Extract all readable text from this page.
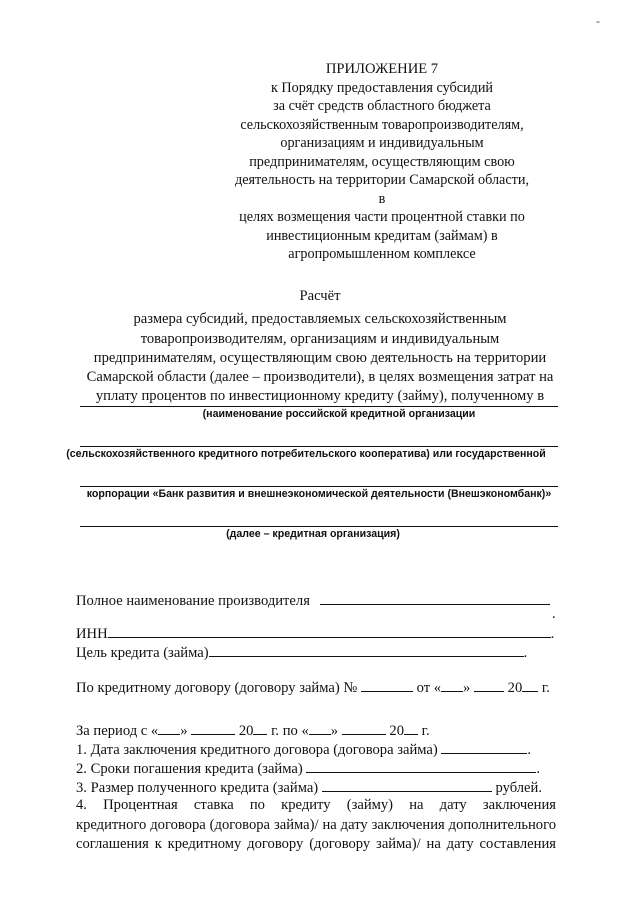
-
ПРИЛОЖЕНИЕ 7
к Порядку предоставления субсидий
за счёт средств областного бюджета
сельскохозяйственным товаропроизводителям,
организациям и индивидуальным
предпринимателям, осуществляющим свою
деятельность на территории Самарской области, в
целях возмещения части процентной ставки по
инвестиционным кредитам (займам) в
агропромышленном комплексе
Расчёт
размера субсидий, предоставляемых сельскохозяйственным
товаропроизводителям, организациям и индивидуальным
предпринимателям, осуществляющим свою деятельность на территории
Самарской области (далее – производители), в целях возмещения затрат на
уплату процентов по инвестиционному кредиту (займу), полученному в
(наименование российской кредитной организации
(сельскохозяйственного кредитного потребительского кооператива) или государственной
корпорации «Банк развития и внешнеэкономической деятельности (Внешэкономбанк)»
(далее – кредитная организация)
Полное наименование производителя
.
ИНН	.
Цель кредита (займа)	.
По кредитному договору (договору займа) №	от « »	20 г.
За период с « »	20 г. по « »	20 г.
1. Дата заключения кредитного договора (договора займа)	.
2. Сроки погашения кредита (займа)	.
3. Размер полученного кредита (займа)	рублей.
4. Процентная ставка по кредиту (займу) на дату заключения
кредитного договора (договора займа)/ на дату заключения дополнительного
соглашения к кредитному договору (договору займа)/ на дату составления
